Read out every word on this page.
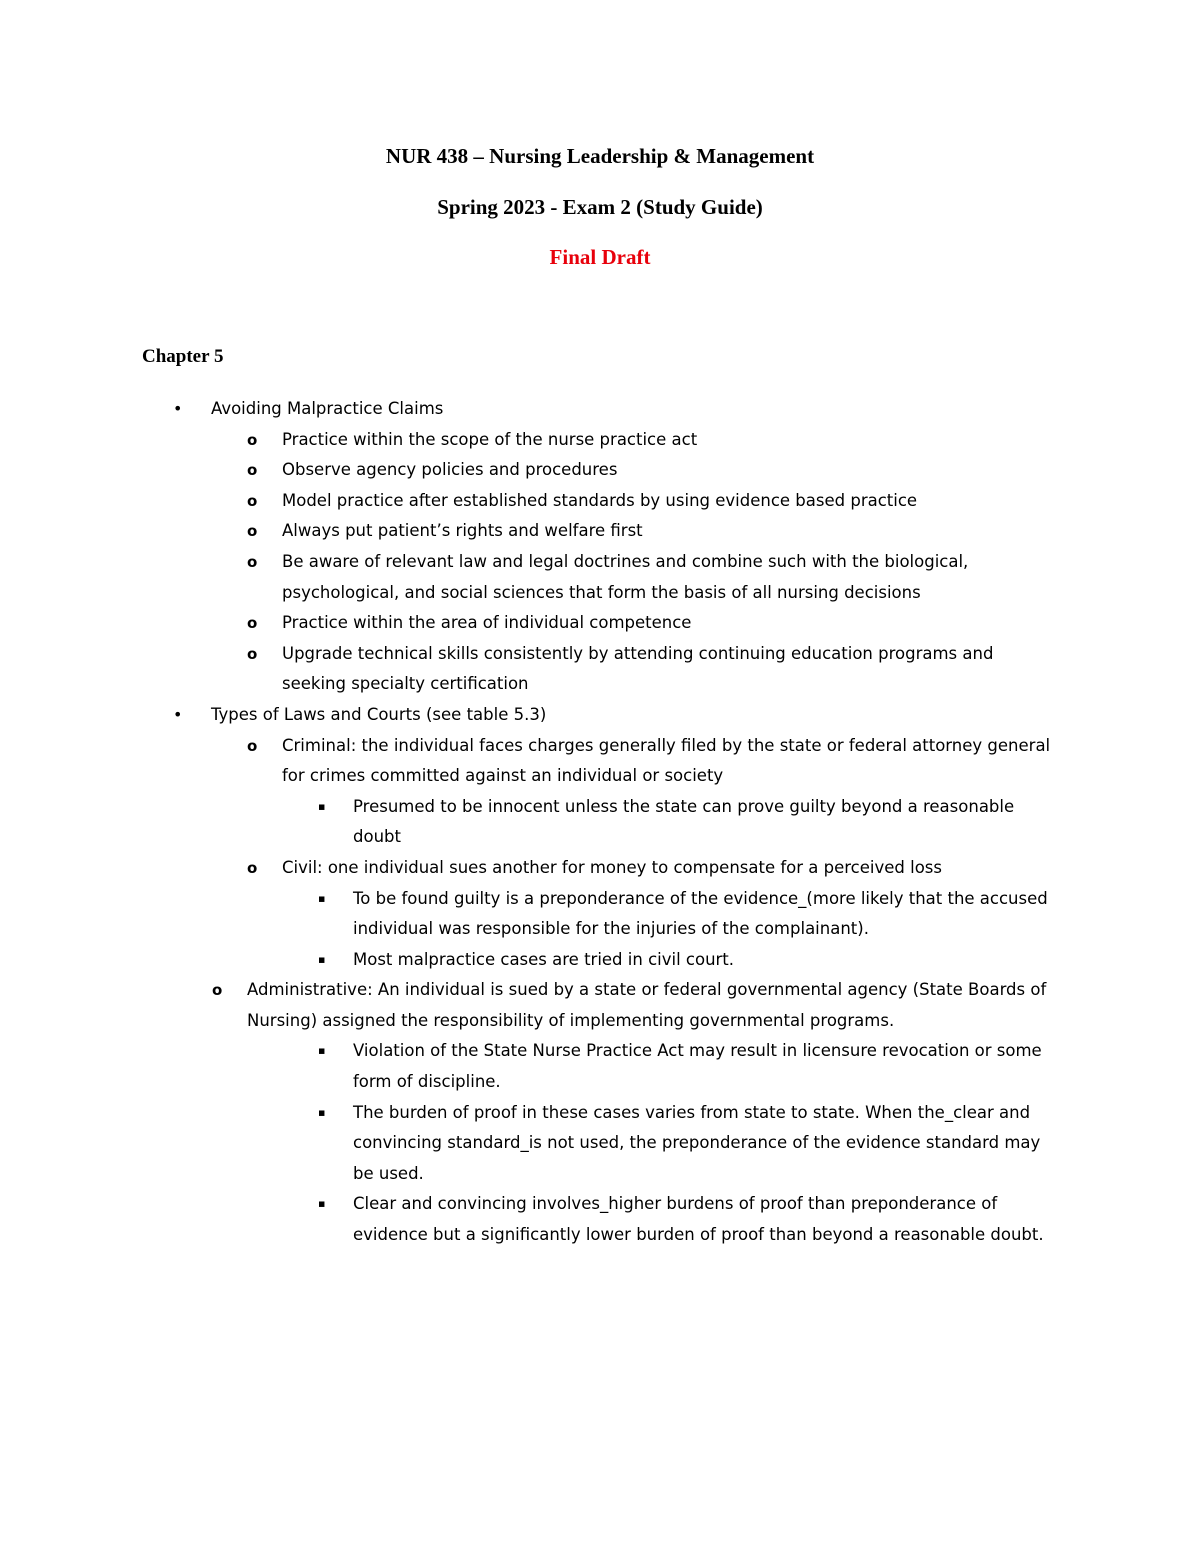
NUR 438 – Nursing Leadership & Management
Spring 2023 - Exam 2 (Study Guide)
Final Draft
Chapter 5
• Avoiding Malpractice Claims
o Practice within the scope of the nurse practice act
o Observe agency policies and procedures
o Model practice after established standards by using evidence based practice
o Always put patient’s rights and welfare first
o Be aware of relevant law and legal doctrines and combine such with the biological, psychological, and social sciences that form the basis of all nursing decisions
o Practice within the area of individual competence
o Upgrade technical skills consistently by attending continuing education programs and seeking specialty certification
• Types of Laws and Courts (see table 5.3)
o Criminal: the individual faces charges generally filed by the state or federal attorney general for crimes committed against an individual or society
▪ Presumed to be innocent unless the state can prove guilty beyond a reasonable doubt
o Civil: one individual sues another for money to compensate for a perceived loss
▪ To be found guilty is a preponderance of the evidence_(more likely that the accused individual was responsible for the injuries of the complainant).
▪ Most malpractice cases are tried in civil court.
o Administrative: An individual is sued by a state or federal governmental agency (State Boards of Nursing) assigned the responsibility of implementing governmental programs.
▪ Violation of the State Nurse Practice Act may result in licensure revocation or some form of discipline.
▪ The burden of proof in these cases varies from state to state. When the_clear and convincing standard_is not used, the preponderance of the evidence standard may be used.
▪ Clear and convincing involves_higher burdens of proof than preponderance of evidence but a significantly lower burden of proof than beyond a reasonable doubt.
